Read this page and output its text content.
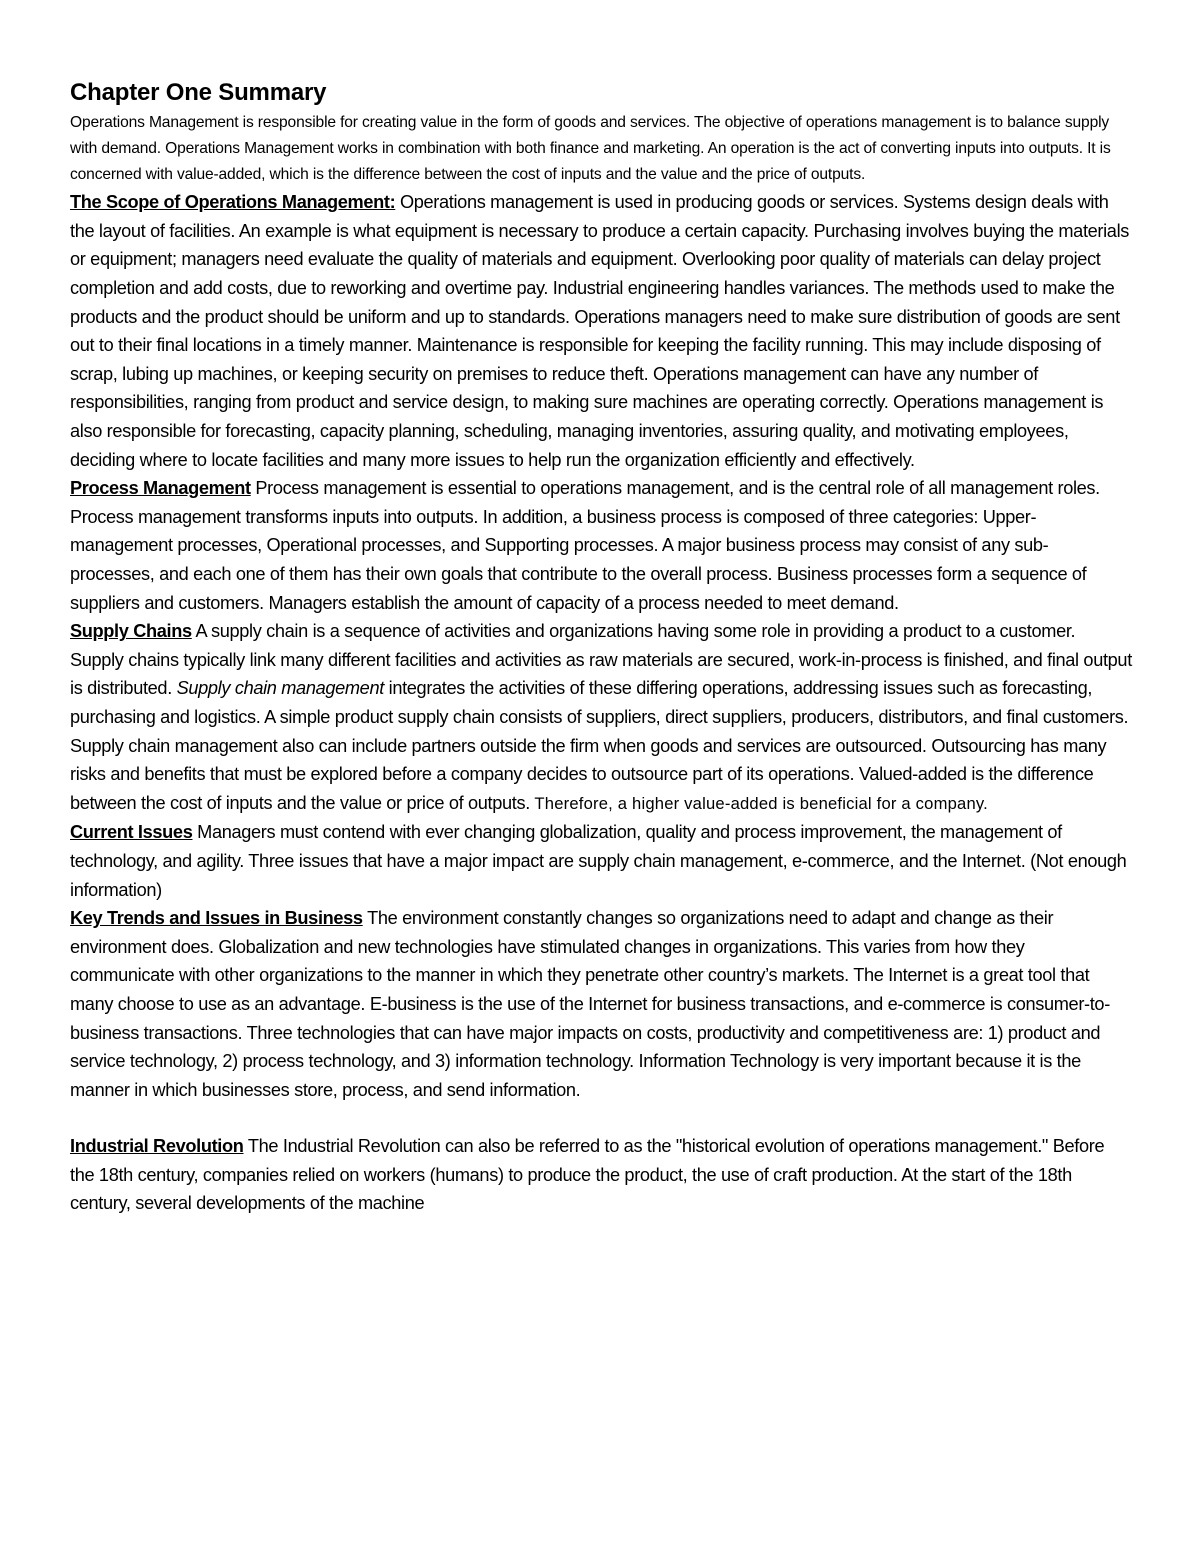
Chapter One Summary

Operations Management is responsible for creating value in the form of goods and services. The objective of operations management is to balance supply with demand. Operations Management works in combination with both finance and marketing. An operation is the act of converting inputs into outputs. It is concerned with value-added, which is the difference between the cost of inputs and the value and the price of outputs.

The Scope of Operations Management: Operations management is used in producing goods or services. Systems design deals with the layout of facilities. An example is what equipment is necessary to produce a certain capacity. Purchasing involves buying the materials or equipment; managers need evaluate the quality of materials and equipment. Overlooking poor quality of materials can delay project completion and add costs, due to reworking and overtime pay. Industrial engineering handles variances. The methods used to make the products and the product should be uniform and up to standards. Operations managers need to make sure distribution of goods are sent out to their final locations in a timely manner. Maintenance is responsible for keeping the facility running. This may include disposing of scrap, lubing up machines, or keeping security on premises to reduce theft. Operations management can have any number of responsibilities, ranging from product and service design, to making sure machines are operating correctly. Operations management is also responsible for forecasting, capacity planning, scheduling, managing inventories, assuring quality, and motivating employees, deciding where to locate facilities and many more issues to help run the organization efficiently and effectively.

Process Management Process management is essential to operations management, and is the central role of all management roles. Process management transforms inputs into outputs. In addition, a business process is composed of three categories: Upper-management processes, Operational processes, and Supporting processes. A major business process may consist of any sub-processes, and each one of them has their own goals that contribute to the overall process. Business processes form a sequence of suppliers and customers. Managers establish the amount of capacity of a process needed to meet demand.

Supply Chains A supply chain is a sequence of activities and organizations having some role in providing a product to a customer. Supply chains typically link many different facilities and activities as raw materials are secured, work-in-process is finished, and final output is distributed. Supply chain management integrates the activities of these differing operations, addressing issues such as forecasting, purchasing and logistics. A simple product supply chain consists of suppliers, direct suppliers, producers, distributors, and final customers. Supply chain management also can include partners outside the firm when goods and services are outsourced. Outsourcing has many risks and benefits that must be explored before a company decides to outsource part of its operations. Valued-added is the difference between the cost of inputs and the value or price of outputs. Therefore, a higher value-added is beneficial for a company.

Current Issues Managers must contend with ever changing globalization, quality and process improvement, the management of technology, and agility. Three issues that have a major impact are supply chain management, e-commerce, and the Internet. (Not enough information)

Key Trends and Issues in Business The environment constantly changes so organizations need to adapt and change as their environment does. Globalization and new technologies have stimulated changes in organizations. This varies from how they communicate with other organizations to the manner in which they penetrate other country’s markets. The Internet is a great tool that many choose to use as an advantage. E-business is the use of the Internet for business transactions, and e-commerce is consumer-to-business transactions. Three technologies that can have major impacts on costs, productivity and competitiveness are: 1) product and service technology, 2) process technology, and 3) information technology. Information Technology is very important because it is the manner in which businesses store, process, and send information.

Industrial Revolution The Industrial Revolution can also be referred to as the "historical evolution of operations management." Before the 18th century, companies relied on workers (humans) to produce the product, the use of craft production. At the start of the 18th century, several developments of the machine
